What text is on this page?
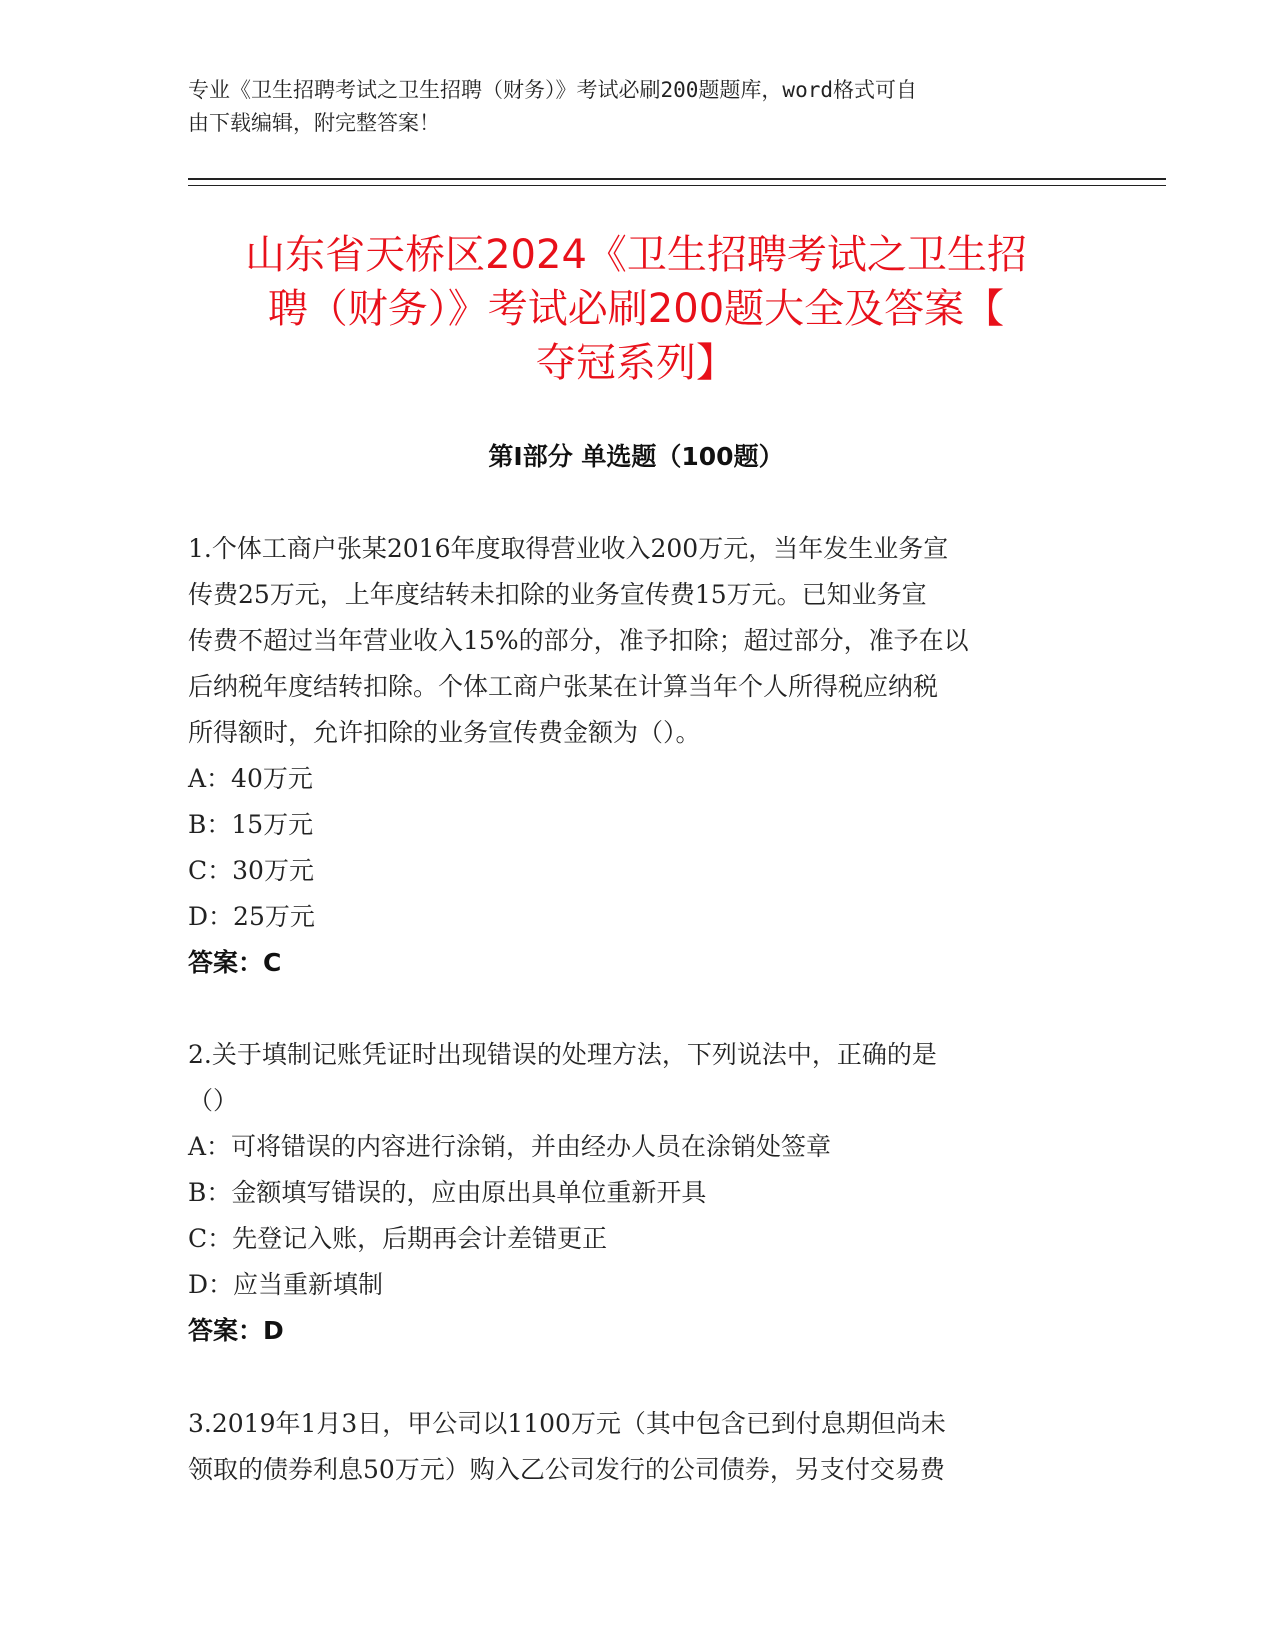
专业《卫生招聘考试之卫生招聘（财务）》考试必刷200题题库，word格式可自
由下载编辑，附完整答案！
山东省天桥区2024《卫生招聘考试之卫生招
聘（财务）》考试必刷200题大全及答案【
夺冠系列】
第Ⅰ部分 单选题（100题）

1.个体工商户张某2016年度取得营业收入200万元，当年发生业务宣

传费25万元，上年度结转未扣除的业务宣传费15万元。已知业务宣

传费不超过当年营业收入15%的部分，准予扣除；超过部分，准予在以

后纳税年度结转扣除。个体工商户张某在计算当年个人所得税应纳税

所得额时，允许扣除的业务宣传费金额为（）。

A：40万元

B：15万元

C：30万元

D：25万元

答案：C

2.关于填制记账凭证时出现错误的处理方法，下列说法中，正确的是

（）

A：可将错误的内容进行涂销，并由经办人员在涂销处签章

B：金额填写错误的，应由原出具单位重新开具

C：先登记入账，后期再会计差错更正

D：应当重新填制

答案：D

3.2019年1月3日，甲公司以1100万元（其中包含已到付息期但尚未

领取的债券利息50万元）购入乙公司发行的公司债券，另支付交易费
